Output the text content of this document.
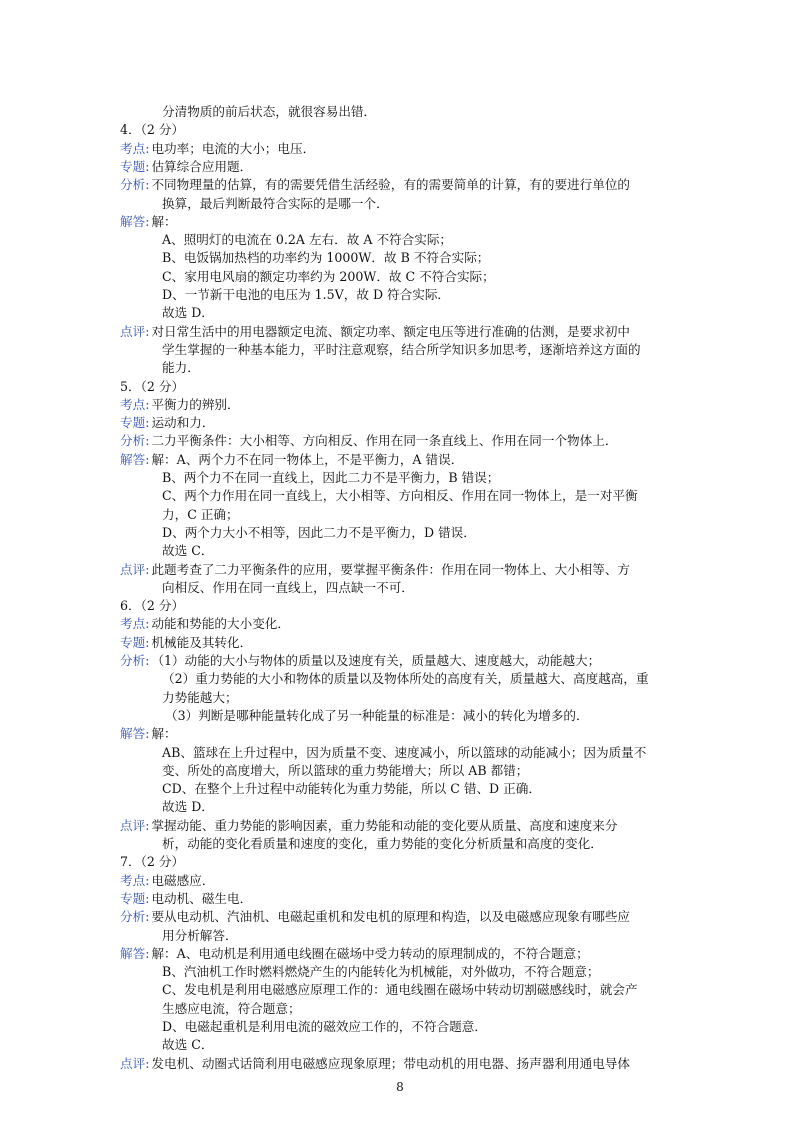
分清物质的前后状态，就很容易出错．
4．（2 分）
考点: 电功率；电流的大小；电压．
专题: 估算综合应用题．
分析: 不同物理量的估算，有的需要凭借生活经验，有的需要简单的计算，有的要进行单位的
换算，最后判断最符合实际的是哪一个．
解答: 解：
A、照明灯的电流在 0.2A 左右．故 A 不符合实际；
B、电饭锅加热档的功率约为 1000W．故 B 不符合实际；
C、家用电风扇的额定功率约为 200W．故 C 不符合实际；
D、一节新干电池的电压为 1.5V，故 D 符合实际．
故选 D．
点评: 对日常生活中的用电器额定电流、额定功率、额定电压等进行准确的估测，是要求初中
学生掌握的一种基本能力，平时注意观察，结合所学知识多加思考，逐渐培养这方面的
能力．
5．（2 分）
考点: 平衡力的辨别．
专题: 运动和力．
分析: 二力平衡条件：大小相等、方向相反、作用在同一条直线上、作用在同一个物体上．
解答: 解：A、两个力不在同一物体上，不是平衡力，A 错误．
B、两个力不在同一直线上，因此二力不是平衡力，B 错误；
C、两个力作用在同一直线上，大小相等、方向相反、作用在同一物体上，是一对平衡
力，C 正确；
D、两个力大小不相等，因此二力不是平衡力，D 错误．
故选 C．
点评: 此题考查了二力平衡条件的应用，要掌握平衡条件：作用在同一物体上、大小相等、方
向相反、作用在同一直线上，四点缺一不可．
6．（2 分）
考点: 动能和势能的大小变化．
专题: 机械能及其转化．
分析: （1）动能的大小与物体的质量以及速度有关，质量越大、速度越大，动能越大；
（2）重力势能的大小和物体的质量以及物体所处的高度有关，质量越大、高度越高，重
力势能越大；
（3）判断是哪种能量转化成了另一种能量的标准是：减小的转化为增多的．
解答: 解：
AB、篮球在上升过程中，因为质量不变、速度减小，所以篮球的动能减小；因为质量不
变、所处的高度增大，所以篮球的重力势能增大；所以 AB 都错；
CD、在整个上升过程中动能转化为重力势能，所以 C 错、D 正确．
故选 D．
点评: 掌握动能、重力势能的影响因素，重力势能和动能的变化要从质量、高度和速度来分
析，动能的变化看质量和速度的变化，重力势能的变化分析质量和高度的变化．
7．（2 分）
考点: 电磁感应．
专题: 电动机、磁生电．
分析: 要从电动机、汽油机、电磁起重机和发电机的原理和构造，以及电磁感应现象有哪些应
用分析解答．
解答: 解：A、电动机是利用通电线圈在磁场中受力转动的原理制成的，不符合题意；
B、汽油机工作时燃料燃烧产生的内能转化为机械能，对外做功，不符合题意；
C、发电机是利用电磁感应原理工作的：通电线圈在磁场中转动切割磁感线时，就会产
生感应电流，符合题意；
D、电磁起重机是利用电流的磁效应工作的，不符合题意．
故选 C．
点评: 发电机、动圈式话筒利用电磁感应现象原理；带电动机的用电器、扬声器利用通电导体
8
